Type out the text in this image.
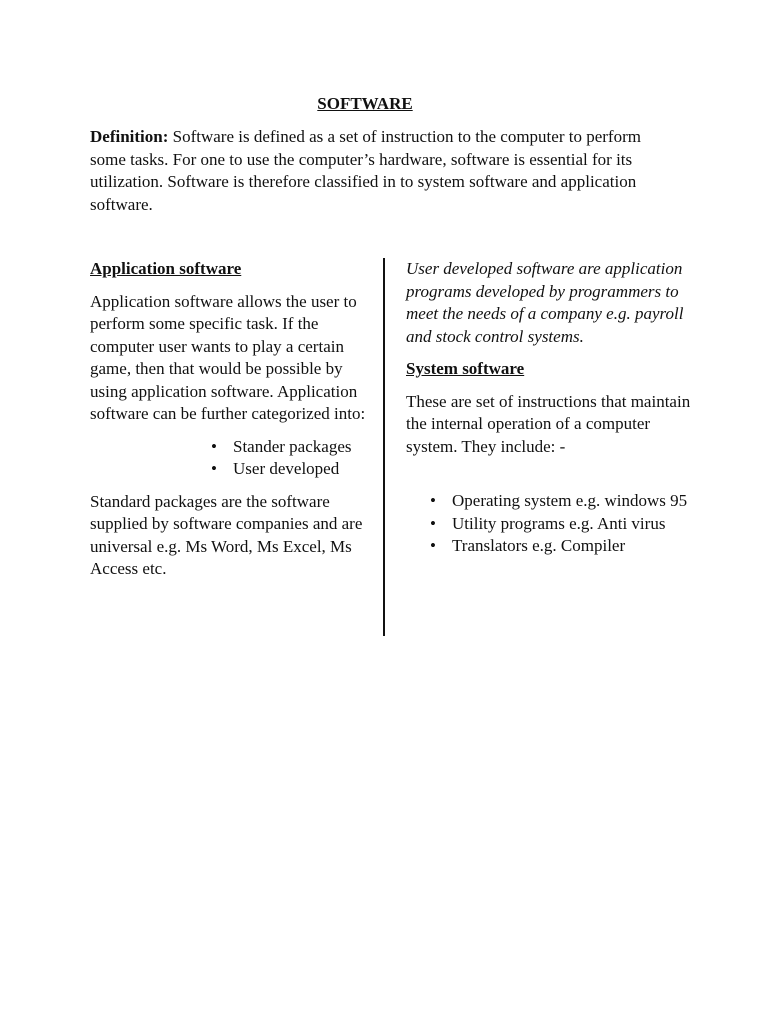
SOFTWARE

Definition: Software is defined as a set of instruction to the computer to perform some tasks. For one to use the computer’s hardware, software is essential for its utilization. Software is therefore classified in to system software and application software.

Application software

Application software allows the user to perform some specific task. If the computer user wants to play a certain game, then that would be possible by using application software. Application software can be further categorized into:

• Stander packages
• User developed

Standard packages are the software supplied by software companies and are universal e.g. Ms Word, Ms Excel, Ms Access etc.

User developed software are application programs developed by programmers to meet the needs of a company e.g. payroll and stock control systems.

System software

These are set of instructions that maintain the internal operation of a computer system. They include: -

• Operating system e.g. windows 95
• Utility programs e.g. Anti virus
• Translators e.g. Compiler
